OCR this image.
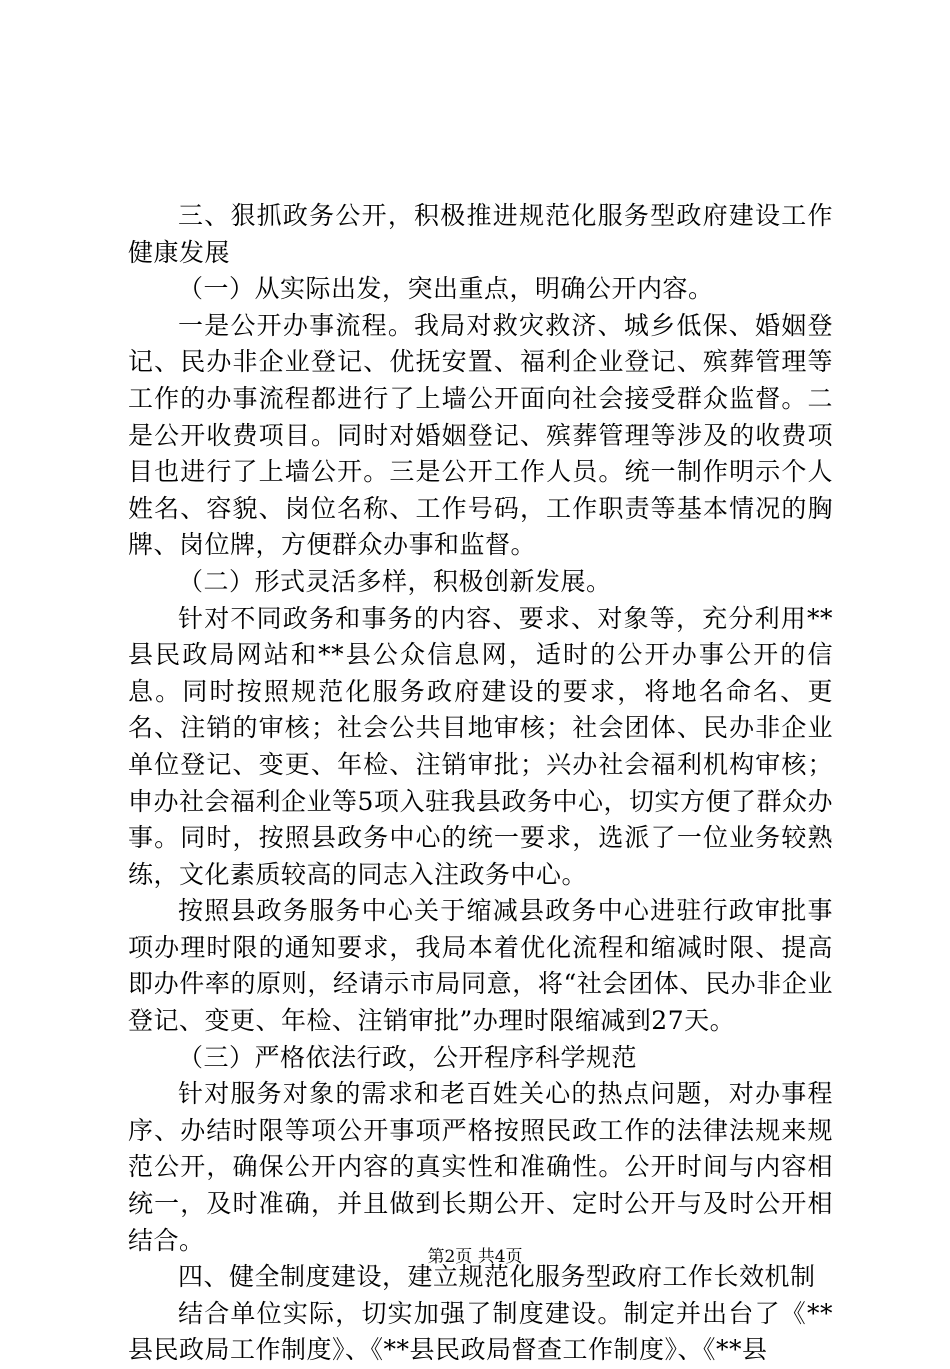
三、狠抓政务公开，积极推进规范化服务型政府建设工作健康发展

（一）从实际出发，突出重点，明确公开内容。

一是公开办事流程。我局对救灾救济、城乡低保、婚姻登记、民办非企业登记、优抚安置、福利企业登记、殡葬管理等工作的办事流程都进行了上墙公开面向社会接受群众监督。二是公开收费项目。同时对婚姻登记、殡葬管理等涉及的收费项目也进行了上墙公开。三是公开工作人员。统一制作明示个人姓名、容貌、岗位名称、工作号码，工作职责等基本情况的胸牌、岗位牌，方便群众办事和监督。

（二）形式灵活多样，积极创新发展。

针对不同政务和事务的内容、要求、对象等，充分利用**县民政局网站和**县公众信息网，适时的公开办事公开的信息。同时按照规范化服务政府建设的要求，将地名命名、更名、注销的审核；社会公共目地审核；社会团体、民办非企业单位登记、变更、年检、注销审批；兴办社会福利机构审核；申办社会福利企业等5项入驻我县政务中心，切实方便了群众办事。同时，按照县政务中心的统一要求，选派了一位业务较熟练，文化素质较高的同志入注政务中心。

按照县政务服务中心关于缩减县政务中心进驻行政审批事项办理时限的通知要求，我局本着优化流程和缩减时限、提高即办件率的原则，经请示市局同意，将“社会团体、民办非企业登记、变更、年检、注销审批”办理时限缩减到27天。

（三）严格依法行政，公开程序科学规范

针对服务对象的需求和老百姓关心的热点问题，对办事程序、办结时限等项公开事项严格按照民政工作的法律法规来规范公开，确保公开内容的真实性和准确性。公开时间与内容相统一，及时准确，并且做到长期公开、定时公开与及时公开相结合。

四、健全制度建设，建立规范化服务型政府工作长效机制

结合单位实际，切实加强了制度建设。制定并出台了《**县民政局工作制度》、《**县民政局督查工作制度》、《**县

第2页 共4页
